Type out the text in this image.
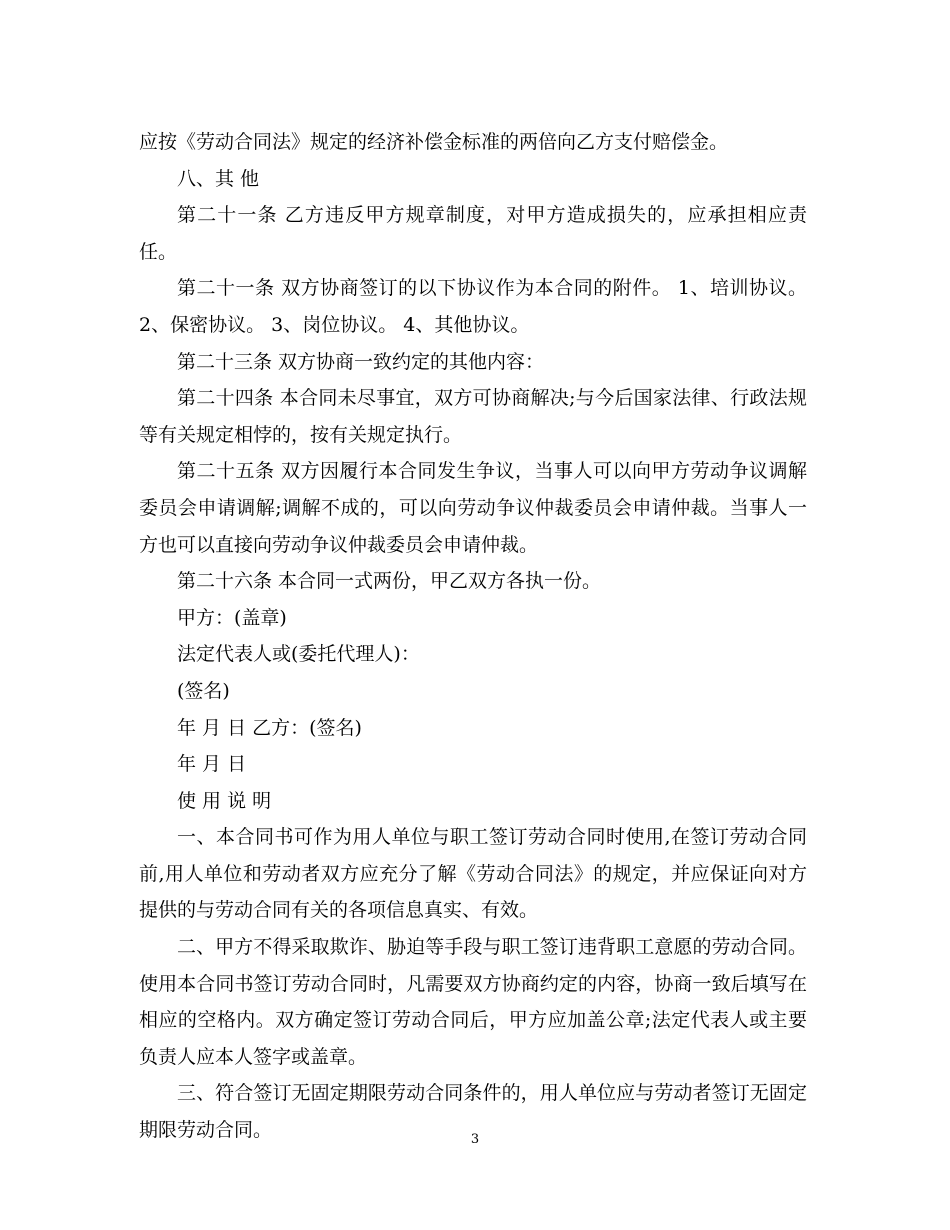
应按《劳动合同法》规定的经济补偿金标准的两倍向乙方支付赔偿金。

八、其 他

第二十一条 乙方违反甲方规章制度，对甲方造成损失的，应承担相应责任。

第二十一条 双方协商签订的以下协议作为本合同的附件。 1、培训协议。 2、保密协议。 3、岗位协议。 4、其他协议。

第二十三条 双方协商一致约定的其他内容：

第二十四条 本合同未尽事宜，双方可协商解决;与今后国家法律、行政法规等有关规定相悖的，按有关规定执行。

第二十五条 双方因履行本合同发生争议，当事人可以向甲方劳动争议调解委员会申请调解;调解不成的，可以向劳动争议仲裁委员会申请仲裁。当事人一方也可以直接向劳动争议仲裁委员会申请仲裁。

第二十六条 本合同一式两份，甲乙双方各执一份。

甲方：(盖章)

法定代表人或(委托代理人)：

(签名)

年 月 日 乙方：(签名)

年 月 日

使 用 说 明

一、本合同书可作为用人单位与职工签订劳动合同时使用,在签订劳动合同前,用人单位和劳动者双方应充分了解《劳动合同法》的规定，并应保证向对方提供的与劳动合同有关的各项信息真实、有效。

二、甲方不得采取欺诈、胁迫等手段与职工签订违背职工意愿的劳动合同。使用本合同书签订劳动合同时，凡需要双方协商约定的内容，协商一致后填写在相应的空格内。双方确定签订劳动合同后，甲方应加盖公章;法定代表人或主要负责人应本人签字或盖章。

三、符合签订无固定期限劳动合同条件的，用人单位应与劳动者签订无固定期限劳动合同。	3
